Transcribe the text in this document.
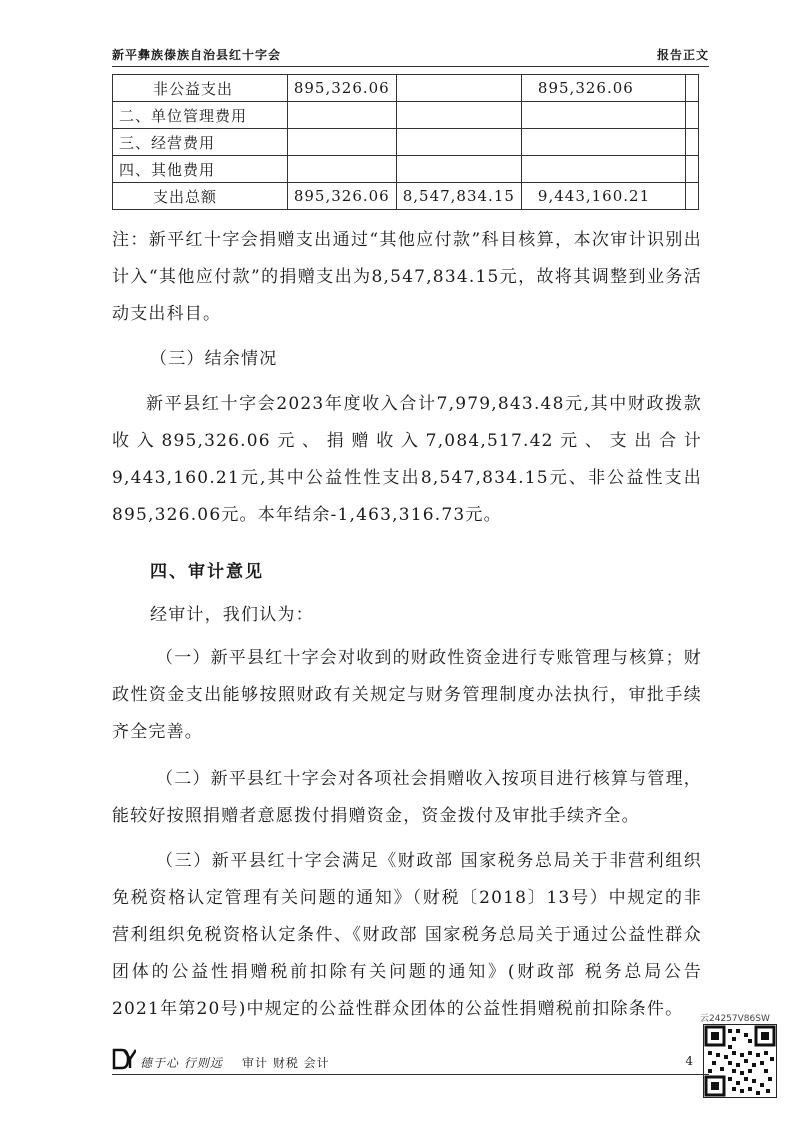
新平彝族傣族自治县红十字会	报告正文
非公益支出	895,326.06		895,326.06	
二、单位管理费用				
三、经营费用				
四、其他费用				
支出总额	895,326.06	8,547,834.15	9,443,160.21	
注：新平红十字会捐赠支出通过“其他应付款”科目核算，本次审计识别出计入“其他应付款”的捐赠支出为8,547,834.15元，故将其调整到业务活动支出科目。
（三）结余情况
新平县红十字会2023年度收入合计7,979,843.48元,其中财政拨款收入895,326.06元、捐赠收入7,084,517.42元、支出合计9,443,160.21元,其中公益性性支出8,547,834.15元、非公益性支出895,326.06元。本年结余-1,463,316.73元。
四、审计意见
经审计，我们认为：
（一）新平县红十字会对收到的财政性资金进行专账管理与核算；财政性资金支出能够按照财政有关规定与财务管理制度办法执行，审批手续齐全完善。
（二）新平县红十字会对各项社会捐赠收入按项目进行核算与管理，能较好按照捐赠者意愿拨付捐赠资金，资金拨付及审批手续齐全。
（三）新平县红十字会满足《财政部 国家税务总局关于非营利组织免税资格认定管理有关问题的通知》（财税〔2018〕13号）中规定的非营利组织免税资格认定条件、《财政部 国家税务总局关于通过公益性群众团体的公益性捐赠税前扣除有关问题的通知》(财政部 税务总局公告2021年第20号)中规定的公益性群众团体的公益性捐赠税前扣除条件。	云24257V86SW
德于心 行则远 审计 财税 会计	4
